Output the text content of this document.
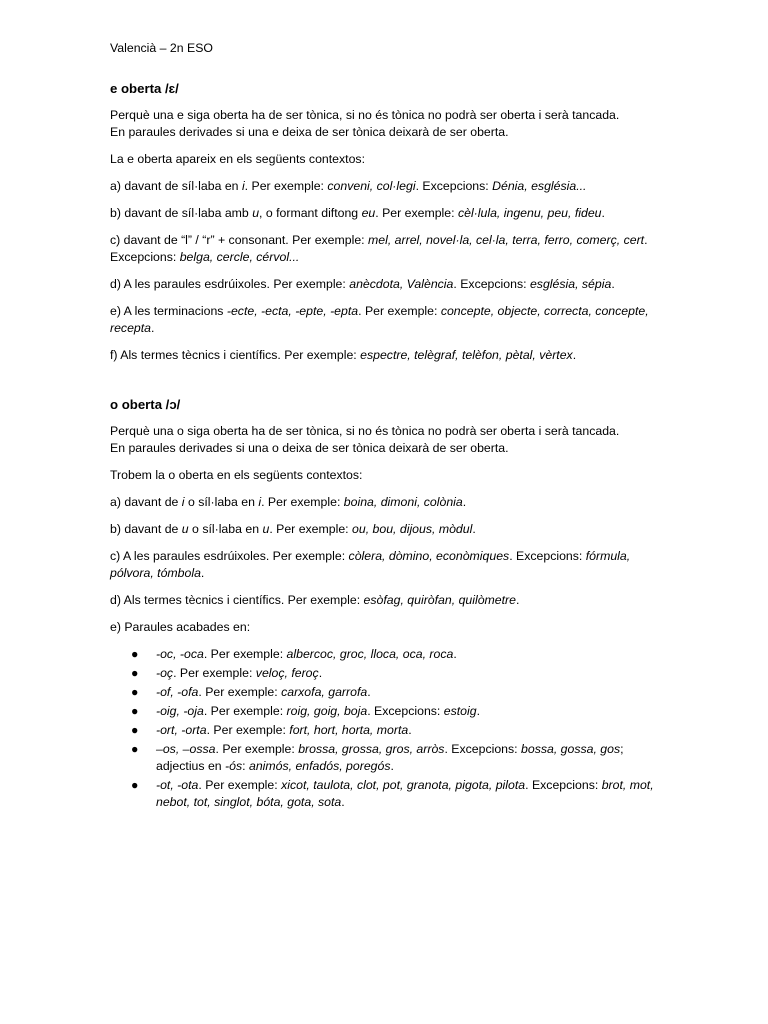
Valencià – 2n ESO
e oberta /ɛ/

Perquè una e siga oberta ha de ser tònica, si no és tònica no podrà ser oberta i serà tancada.
En paraules derivades si una e deixa de ser tònica deixarà de ser oberta.

La e oberta apareix en els següents contextos:

a) davant de síl·laba en i. Per exemple: conveni, col·legi. Excepcions: Dénia, església...

b) davant de síl·laba amb u, o formant diftong eu. Per exemple: cèl·lula, ingenu, peu, fideu.

c) davant de “l” / “r” + consonant. Per exemple: mel, arrel, novel·la, cel·la, terra, ferro, comerç, cert. Excepcions: belga, cercle, cérvol...

d) A les paraules esdrúixoles. Per exemple: anècdota, València. Excepcions: església, sépia.

e) A les terminacions -ecte, -ecta, -epte, -epta. Per exemple: concepte, objecte, correcta, concepte, recepta.

f) Als termes tècnics i científics. Per exemple: espectre, telègraf, telèfon, pètal, vèrtex.

o oberta /ɔ/

Perquè una o siga oberta ha de ser tònica, si no és tònica no podrà ser oberta i serà tancada.
En paraules derivades si una o deixa de ser tònica deixarà de ser oberta.

Trobem la o oberta en els següents contextos:

a) davant de i o síl·laba en i. Per exemple: boina, dimoni, colònia.

b) davant de u o síl·laba en u. Per exemple: ou, bou, dijous, mòdul.

c) A les paraules esdrúixoles. Per exemple: còlera, dòmino, econòmiques. Excepcions: fórmula, pólvora, tómbola.

d) Als termes tècnics i científics. Per exemple: esòfag, quiròfan, quilòmetre.

e) Paraules acabades en:

● -oc, -oca. Per exemple: albercoc, groc, lloca, oca, roca.
● -oç. Per exemple: veloç, feroç.
● -of, -ofa. Per exemple: carxofa, garrofa.
● -oig, -oja. Per exemple: roig, goig, boja. Excepcions: estoig.
● -ort, -orta. Per exemple: fort, hort, horta, morta.
● –os, –ossa. Per exemple: brossa, grossa, gros, arròs. Excepcions: bossa, gossa, gos; adjectius en -ós: animós, enfadós, poregós.
● -ot, -ota. Per exemple: xicot, taulota, clot, pot, granota, pigota, pilota. Excepcions: brot, mot, nebot, tot, singlot, bóta, gota, sota.
